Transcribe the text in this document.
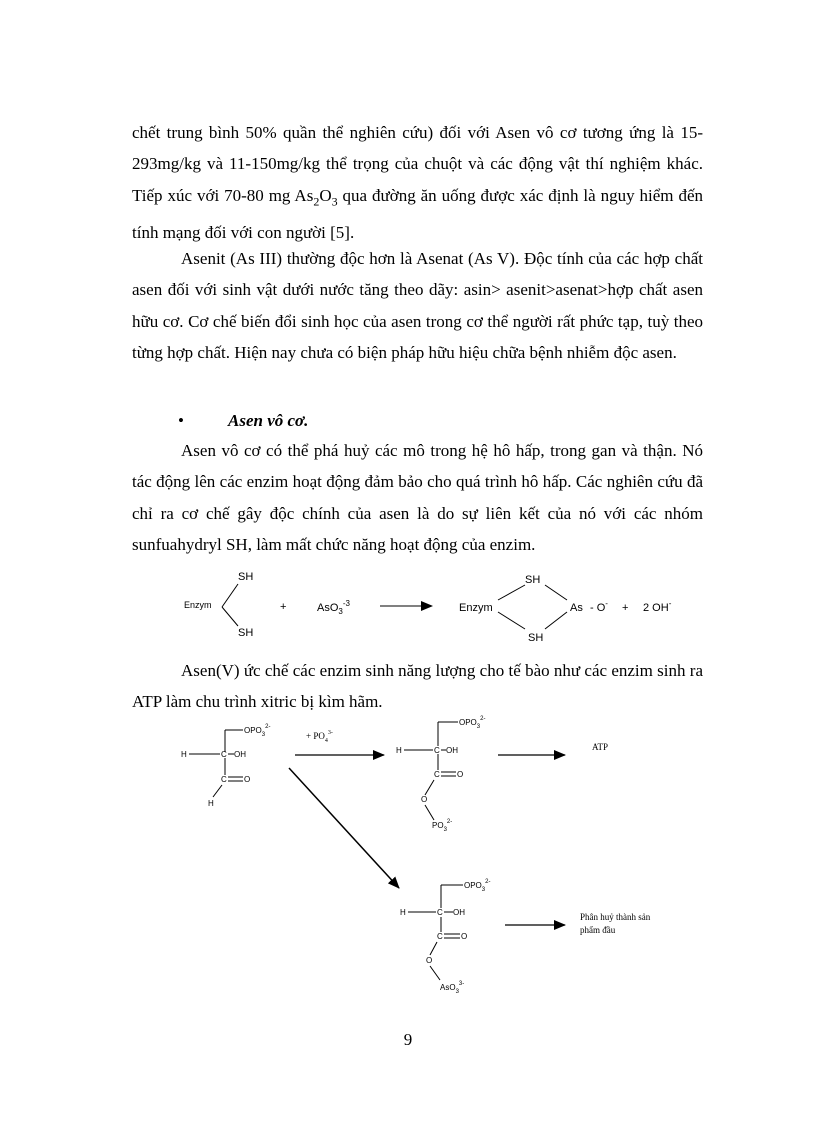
chết trung bình 50% quần thể nghiên cứu) đối với Asen vô cơ tương ứng là 15-293mg/kg và 11-150mg/kg thể trọng của chuột và các động vật thí nghiệm khác. Tiếp xúc với 70-80 mg $As_2O_3$ qua đường ăn uống được xác định là nguy hiểm đến tính mạng đối với con người [5].

Asenit (As III) thường độc hơn là Asenat (As V). Độc tính của các hợp chất asen đối với sinh vật dưới nước tăng theo dãy: asin> asenit>asenat>hợp chất asen hữu cơ. Cơ chế biến đổi sinh học của asen trong cơ thể người rất phức tạp, tuỳ theo từng hợp chất. Hiện nay chưa có biện pháp hữu hiệu chữa bệnh nhiễm độc asen.

•	Asen vô cơ.

Asen vô cơ có thể phá huỷ các mô trong hệ hô hấp, trong gan và thận. Nó tác động lên các enzim hoạt động đảm bảo cho quá trình hô hấp. Các nghiên cứu đã chỉ ra cơ chế gây độc chính của asen là do sự liên kết của nó với các nhóm sunfuahydryl SH, làm mất chức năng hoạt động của enzim.

Asen(V) ức chế các enzim sinh năng lượng cho tế bào như các enzim sinh ra ATP làm chu trình xitric bị kìm hãm.

SH
Enzym
SH
+	AsO$_3^{-3}$	Enzym
SH
SH
As - O- + 2 OH-
$OPO_3^{2-}$
H	C OH
C O
H
+ $PO_4^{3-}$
$OPO_3^{2-}$
H	C OH
C O
O
$PO_3^{2-}$
ATP
$OPO_3^{2-}$
H	C OH
C O
O
AsO$_3^{3-}$
Phân huỷ thành sản
phẩm đầu
9
